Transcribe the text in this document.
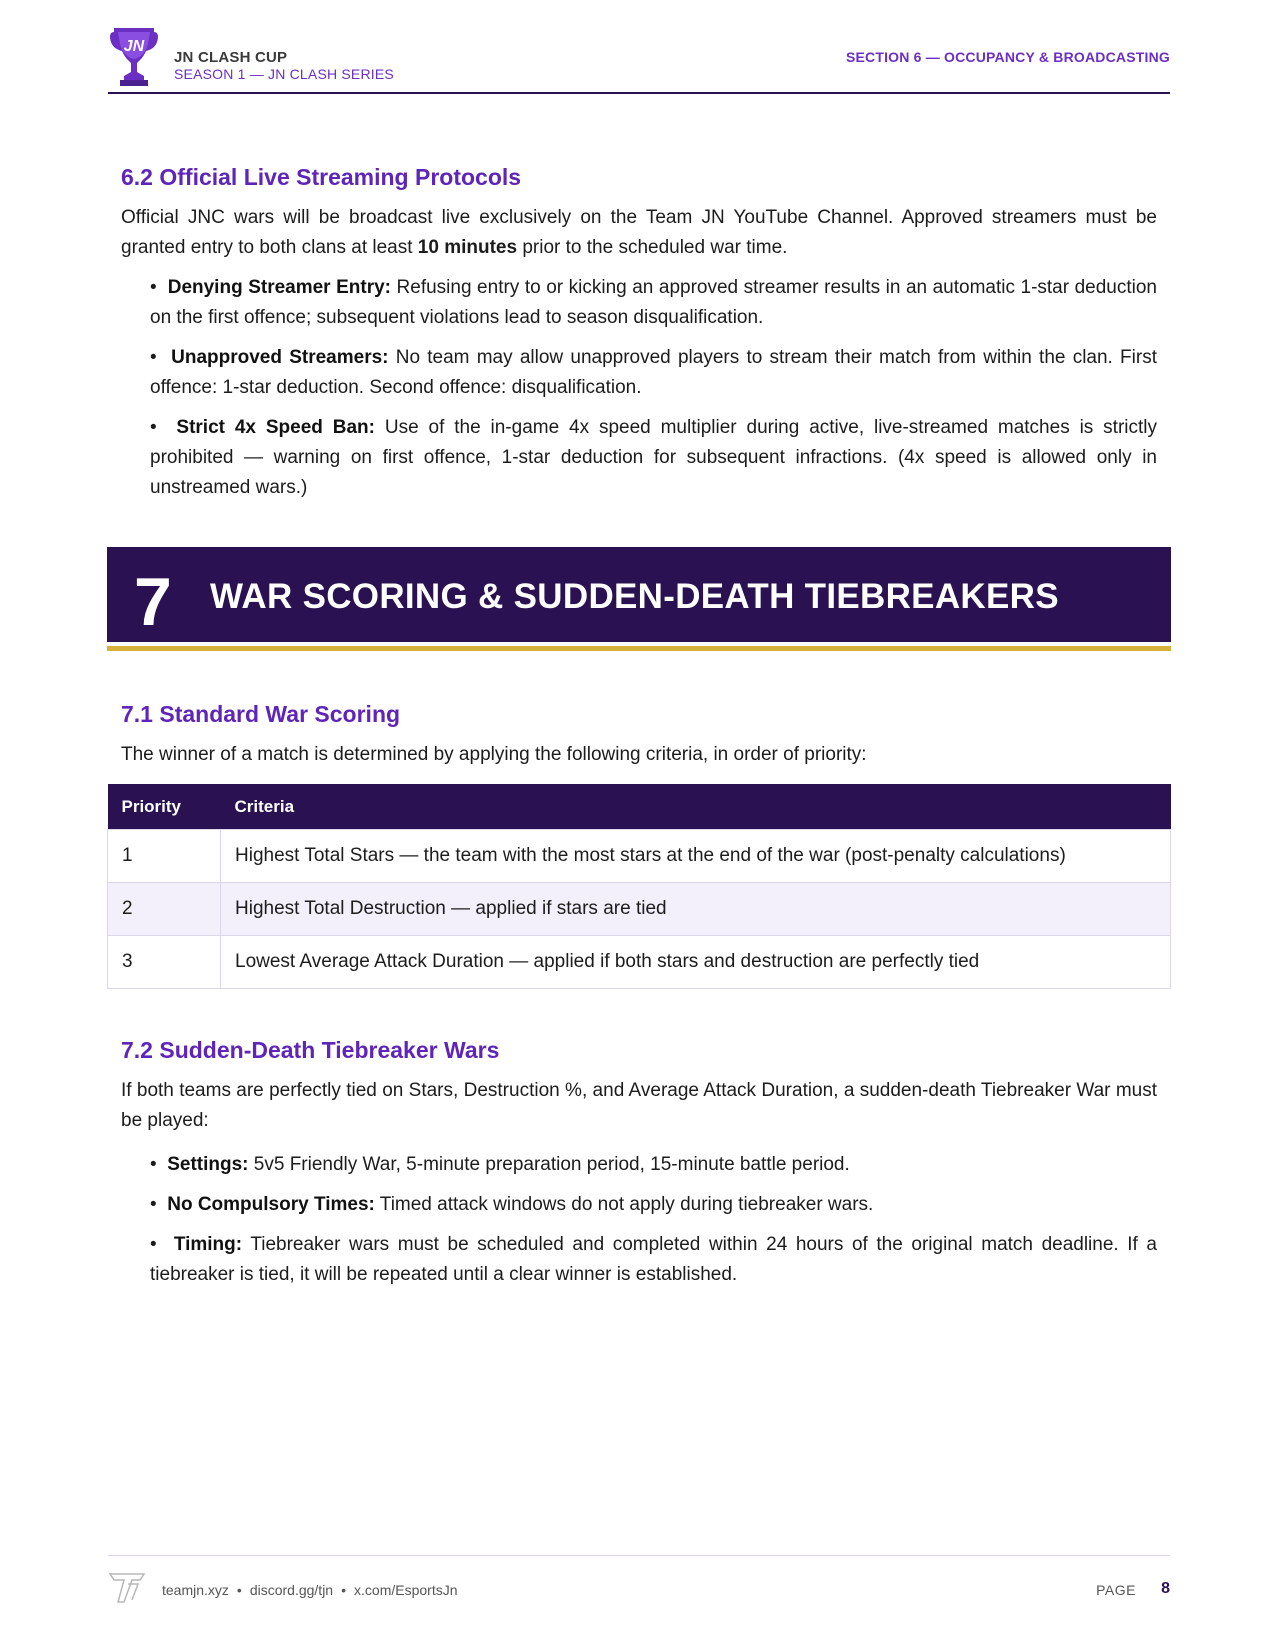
JN
JN CLASH CUP
SEASON 1 — JN CLASH SERIES
SECTION 6 — OCCUPANCY & BROADCASTING
6.2 Official Live Streaming Protocols

Official JNC wars will be broadcast live exclusively on the Team JN YouTube Channel. Approved streamers must be granted entry to both clans at least 10 minutes prior to the scheduled war time.

•  Denying Streamer Entry: Refusing entry to or kicking an approved streamer results in an automatic 1-star deduction on the first offence; subsequent violations lead to season disqualification.

•  Unapproved Streamers: No team may allow unapproved players to stream their match from within the clan. First offence: 1-star deduction. Second offence: disqualification.

•  Strict 4x Speed Ban: Use of the in-game 4x speed multiplier during active, live-streamed matches is strictly prohibited — warning on first offence, 1-star deduction for subsequent infractions. (4x speed is allowed only in unstreamed wars.)

7 WAR SCORING & SUDDEN-DEATH TIEBREAKERS
7.1 Standard War Scoring

The winner of a match is determined by applying the following criteria, in order of priority:

Priority	Criteria
1	Highest Total Stars — the team with the most stars at the end of the war (post-penalty calculations)
2	Highest Total Destruction — applied if stars are tied
3	Lowest Average Attack Duration — applied if both stars and destruction are perfectly tied
7.2 Sudden-Death Tiebreaker Wars

If both teams are perfectly tied on Stars, Destruction %, and Average Attack Duration, a sudden-death Tiebreaker War must be played:

•  Settings: 5v5 Friendly War, 5-minute preparation period, 15-minute battle period.

•  No Compulsory Times: Timed attack windows do not apply during tiebreaker wars.

•  Timing: Tiebreaker wars must be scheduled and completed within 24 hours of the original match deadline. If a tiebreaker is tied, it will be repeated until a clear winner is established.

teamjn.xyz • discord.gg/tjn • x.com/EsportsJn	PAGE 8
